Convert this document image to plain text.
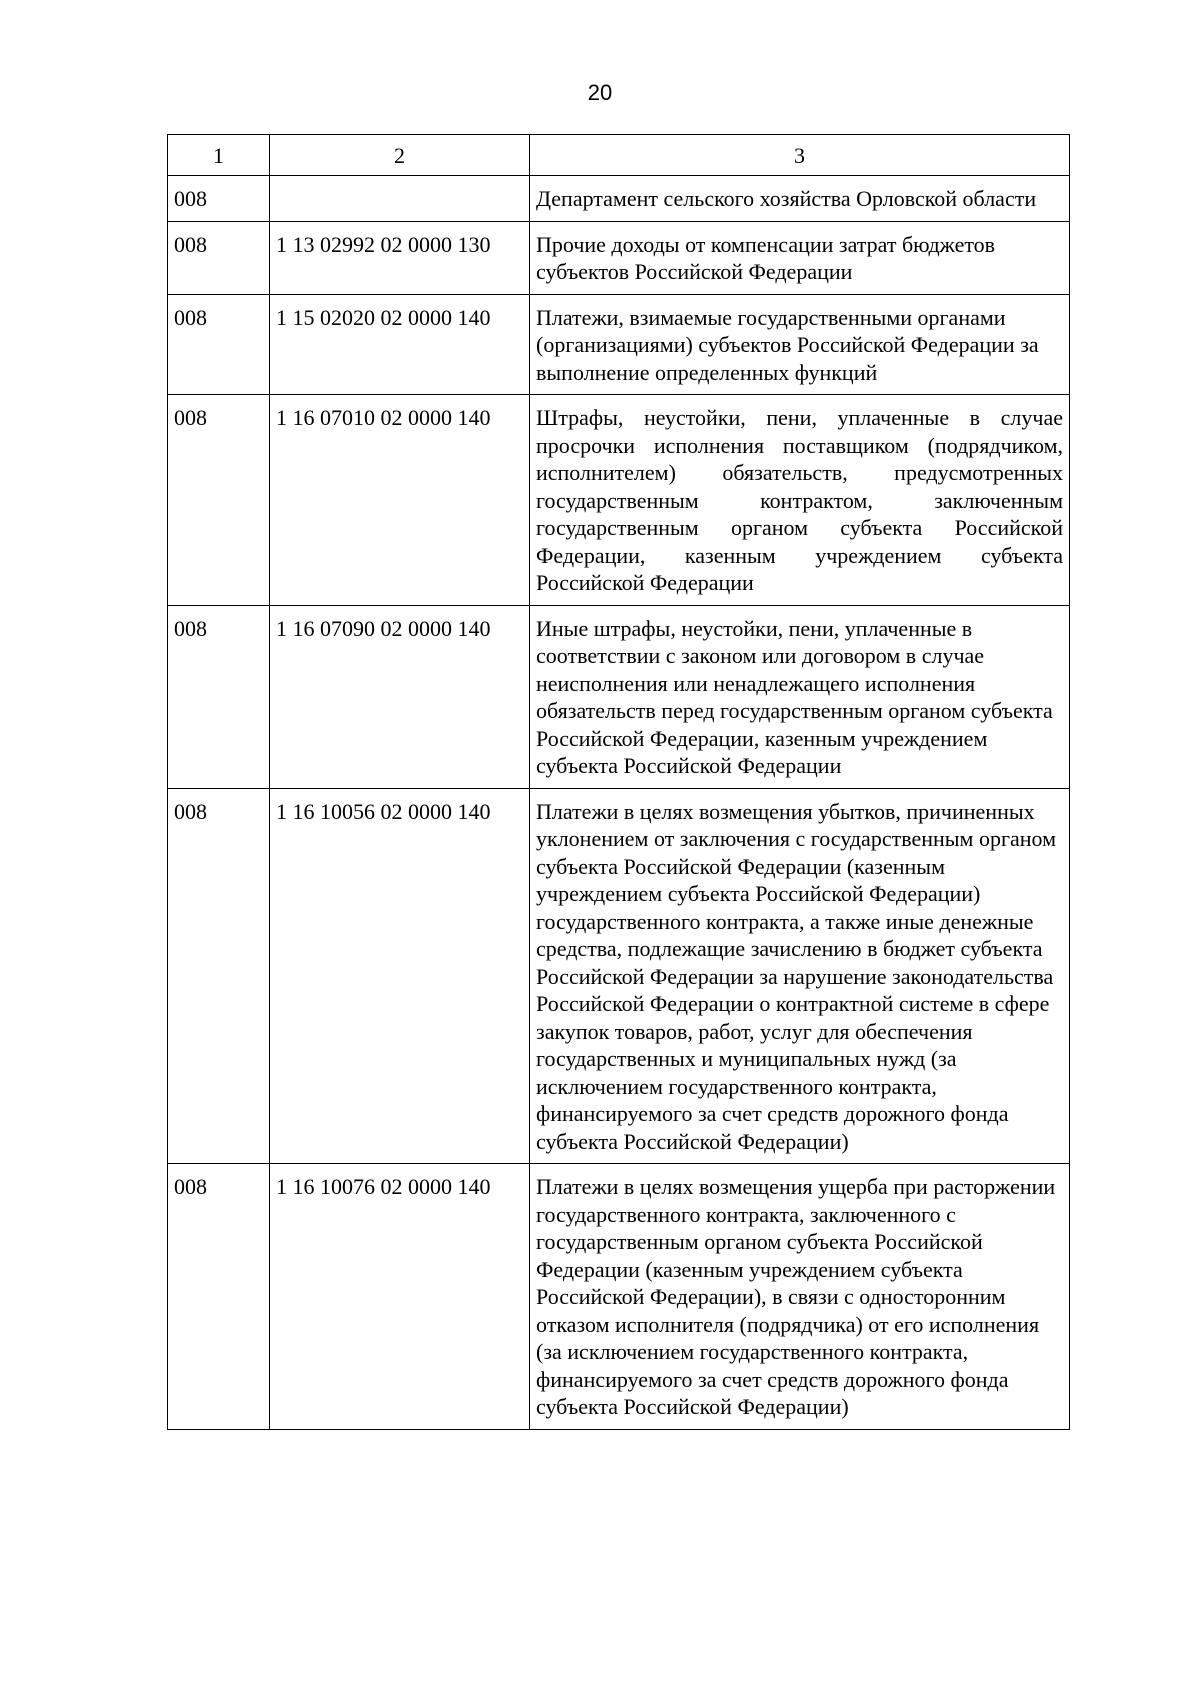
20
1	2	3
008		Департамент сельского хозяйства Орловской области
008	1 13 02992 02 0000 130	Прочие доходы от компенсации затрат бюджетов субъектов Российской Федерации
008	1 15 02020 02 0000 140	Платежи, взимаемые государственными органами (организациями) субъектов Российской Федерации за выполнение определенных функций
008	1 16 07010 02 0000 140	Штрафы, неустойки, пени, уплаченные в случае просрочки исполнения поставщиком (подрядчиком, исполнителем) обязательств, предусмотренных государственным контрактом, заключенным государственным органом субъекта Российской Федерации, казенным учреждением субъекта Российской Федерации
008	1 16 07090 02 0000 140	Иные штрафы, неустойки, пени, уплаченные в соответствии с законом или договором в случае неисполнения или ненадлежащего исполнения обязательств перед государственным органом субъекта Российской Федерации, казенным учреждением субъекта Российской Федерации
008	1 16 10056 02 0000 140	Платежи в целях возмещения убытков, причиненных уклонением от заключения с государственным органом субъекта Российской Федерации (казенным учреждением субъекта Российской Федерации) государственного контракта, а также иные денежные средства, подлежащие зачислению в бюджет субъекта Российской Федерации за нарушение законодательства Российской Федерации о контрактной системе в сфере закупок товаров, работ, услуг для обеспечения государственных и муниципальных нужд (за исключением государственного контракта, финансируемого за счет средств дорожного фонда субъекта Российской Федерации)
008	1 16 10076 02 0000 140	Платежи в целях возмещения ущерба при расторжении государственного контракта, заключенного с государственным органом субъекта Российской Федерации (казенным учреждением субъекта Российской Федерации), в связи с односторонним отказом исполнителя (подрядчика) от его исполнения (за исключением государственного контракта, финансируемого за счет средств дорожного фонда субъекта Российской Федерации)
